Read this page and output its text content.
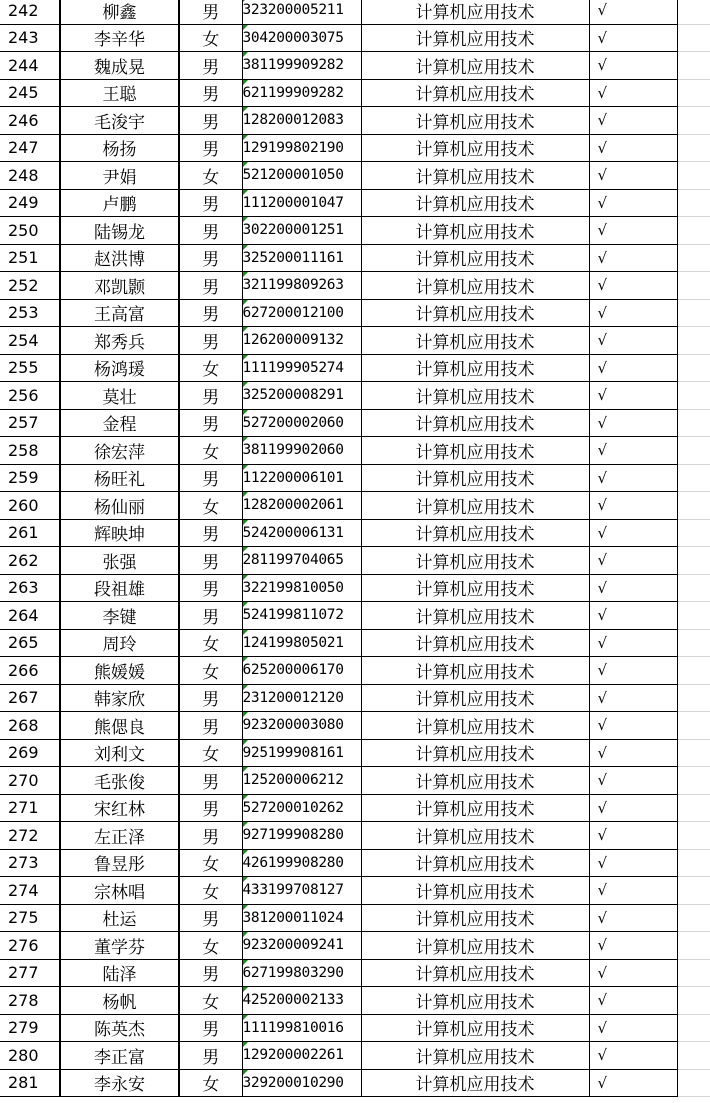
242	柳鑫	男	323200005211	计算机应用技术	√	
243	李辛华	女	304200003075	计算机应用技术	√	
244	魏成晃	男	381199909282	计算机应用技术	√	
245	王聪	男	621199909282	计算机应用技术	√	
246	毛浚宇	男	128200012083	计算机应用技术	√	
247	杨扬	男	129199802190	计算机应用技术	√	
248	尹娟	女	521200001050	计算机应用技术	√	
249	卢鹏	男	111200001047	计算机应用技术	√	
250	陆锡龙	男	302200001251	计算机应用技术	√	
251	赵洪博	男	325200011161	计算机应用技术	√	
252	邓凯颢	男	321199809263	计算机应用技术	√	
253	王高富	男	627200012100	计算机应用技术	√	
254	郑秀兵	男	126200009132	计算机应用技术	√	
255	杨鸿瑗	女	111199905274	计算机应用技术	√	
256	莫壮	男	325200008291	计算机应用技术	√	
257	金程	男	527200002060	计算机应用技术	√	
258	徐宏萍	女	381199902060	计算机应用技术	√	
259	杨旺礼	男	112200006101	计算机应用技术	√	
260	杨仙丽	女	128200002061	计算机应用技术	√	
261	辉映坤	男	524200006131	计算机应用技术	√	
262	张强	男	281199704065	计算机应用技术	√	
263	段祖雄	男	322199810050	计算机应用技术	√	
264	李键	男	524199811072	计算机应用技术	√	
265	周玲	女	124199805021	计算机应用技术	√	
266	熊媛媛	女	625200006170	计算机应用技术	√	
267	韩家欣	男	231200012120	计算机应用技术	√	
268	熊偲良	男	923200003080	计算机应用技术	√	
269	刘利文	女	925199908161	计算机应用技术	√	
270	毛张俊	男	125200006212	计算机应用技术	√	
271	宋红林	男	527200010262	计算机应用技术	√	
272	左正泽	男	927199908280	计算机应用技术	√	
273	鲁昱彤	女	426199908280	计算机应用技术	√	
274	宗林唱	女	433199708127	计算机应用技术	√	
275	杜运	男	381200011024	计算机应用技术	√	
276	董学芬	女	923200009241	计算机应用技术	√	
277	陆泽	男	627199803290	计算机应用技术	√	
278	杨帆	女	425200002133	计算机应用技术	√	
279	陈英杰	男	111199810016	计算机应用技术	√	
280	李正富	男	129200002261	计算机应用技术	√	
281	李永安	女	329200010290	计算机应用技术	√	
